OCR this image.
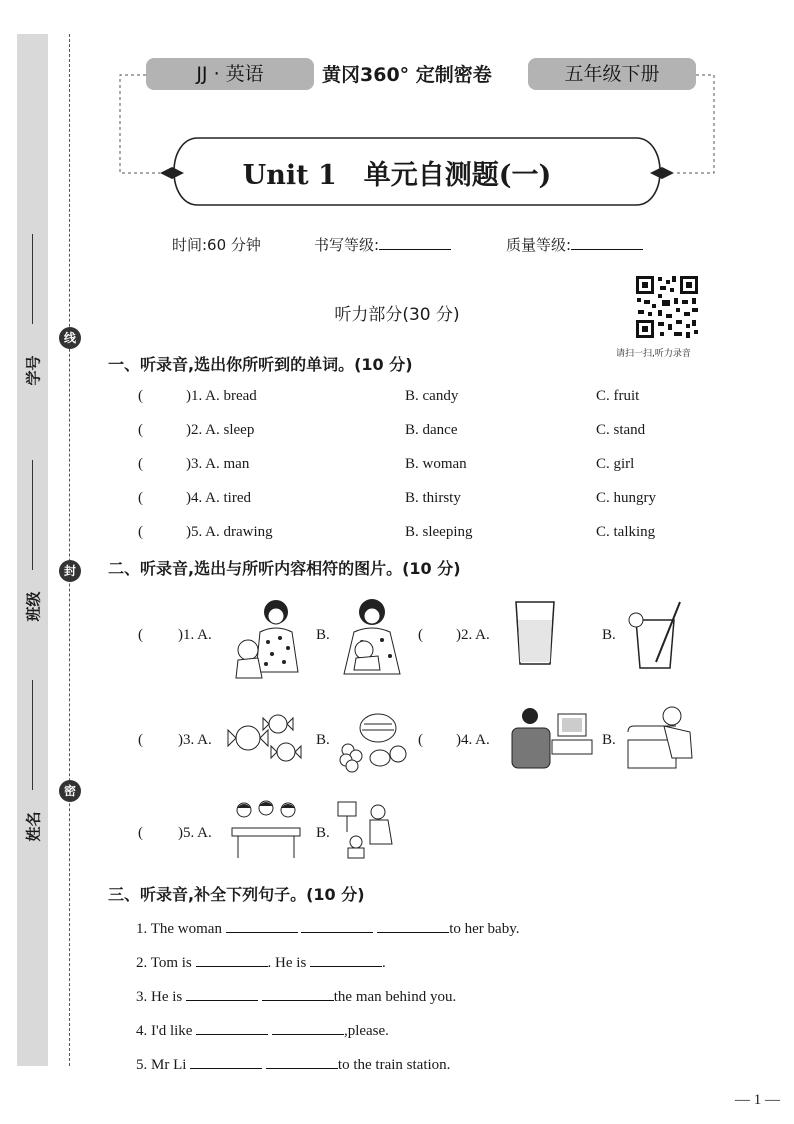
学号
班级
姓名
线
封
密
JJ · 英语	黄冈360° 定制密卷	五年级下册
Unit 1　单元自测题(一)
时间:60 分钟	书写等级:	质量等级:
听力部分(30 分)
请扫一扫,听力录音
一、听录音,选出你所听到的单词。(10 分)
(	)1. A. bread	B. candy	C. fruit
(	)2. A. sleep	B. dance	C. stand
(	)3. A. man	B. woman	C. girl
(	)4. A. tired	B. thirsty	C. hungry
(	)5. A. drawing	B. sleeping	C. talking
二、听录音,选出与所听内容相符的图片。(10 分)
( )1. A.	B.	( )2. A.	B.
( )3. A.	B.	( )4. A.	B.
( )5. A.	B.
三、听录音,补全下列句子。(10 分)
1. The woman	to her baby.
2. Tom is	. He is	.
3. He is	the man behind you.
4. I'd like	,please.
5. Mr Li	to the train station.
— 1 —
